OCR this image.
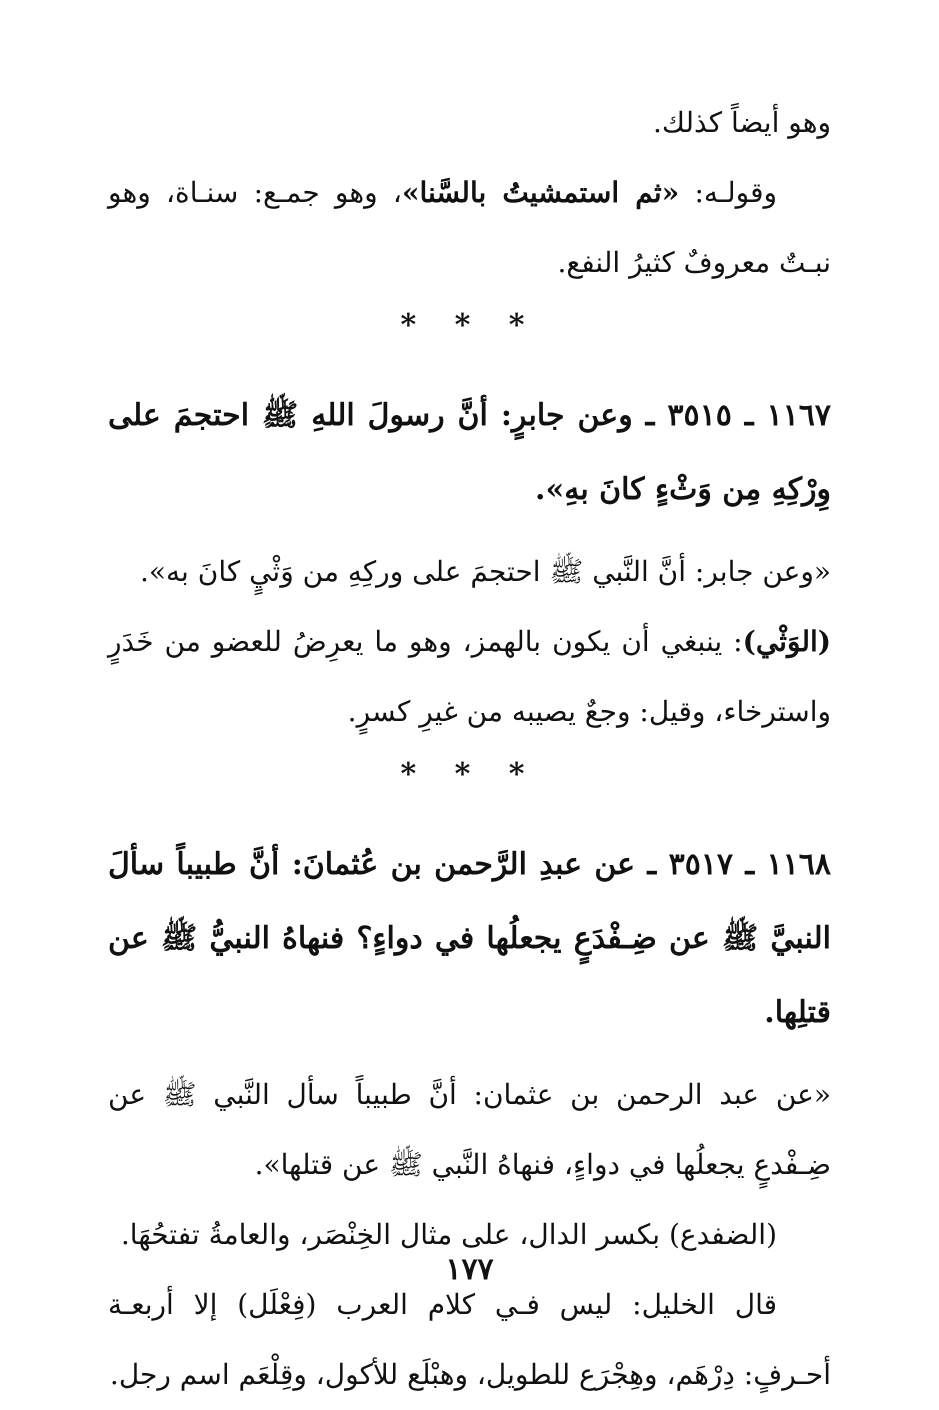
وهو أيضاً كذلك.

وقولـه: «ثم استمشيتُ بالسَّنا»، وهو جمـع: سنـاة، وهو نبـتٌ معروفٌ كثيرُ النفع.

* * *

١١٦٧ ـ ٣٥١٥ ـ وعن جابرٍ: أنَّ رسولَ اللهِ ﷺ احتجمَ على وِرْكِهِ مِن وَثْءٍ كانَ بهِ».

«وعن جابر: أنَّ النَّبي ﷺ احتجمَ على وركِهِ من وَثْيٍ كانَ به».

(الوَثْي): ينبغي أن يكون بالهمز، وهو ما يعرِضُ للعضو من خَدَرٍ واسترخاء، وقيل: وجعٌ يصيبه من غيرِ كسرٍ.

* * *

١١٦٨ ـ ٣٥١٧ ـ عن عبدِ الرَّحمن بن عُثمانَ: أنَّ طبيباً سألَ النبيَّ ﷺ عن ضِـفْدَعٍ يجعلُها في دواءٍ؟ فنهاهُ النبيُّ ﷺ عن قتلِها.

«عن عبد الرحمن بن عثمان: أنَّ طبيباً سأل النَّبي ﷺ عن ضِـفْدعٍ يجعلُها في دواءٍ، فنهاهُ النَّبي ﷺ عن قتلها».

(الضفدع) بكسر الدال، على مثال الخِنْصَر، والعامةُ تفتحُهَا.

قال الخليل: ليس فـي كلام العرب (فِعْلَل) إلا أربعـة أحـرفٍ: دِرْهَم، وهِجْرَع للطويل، وهبْلَع للأكول، وقِلْعَم اسم رجل.

١٧٧
